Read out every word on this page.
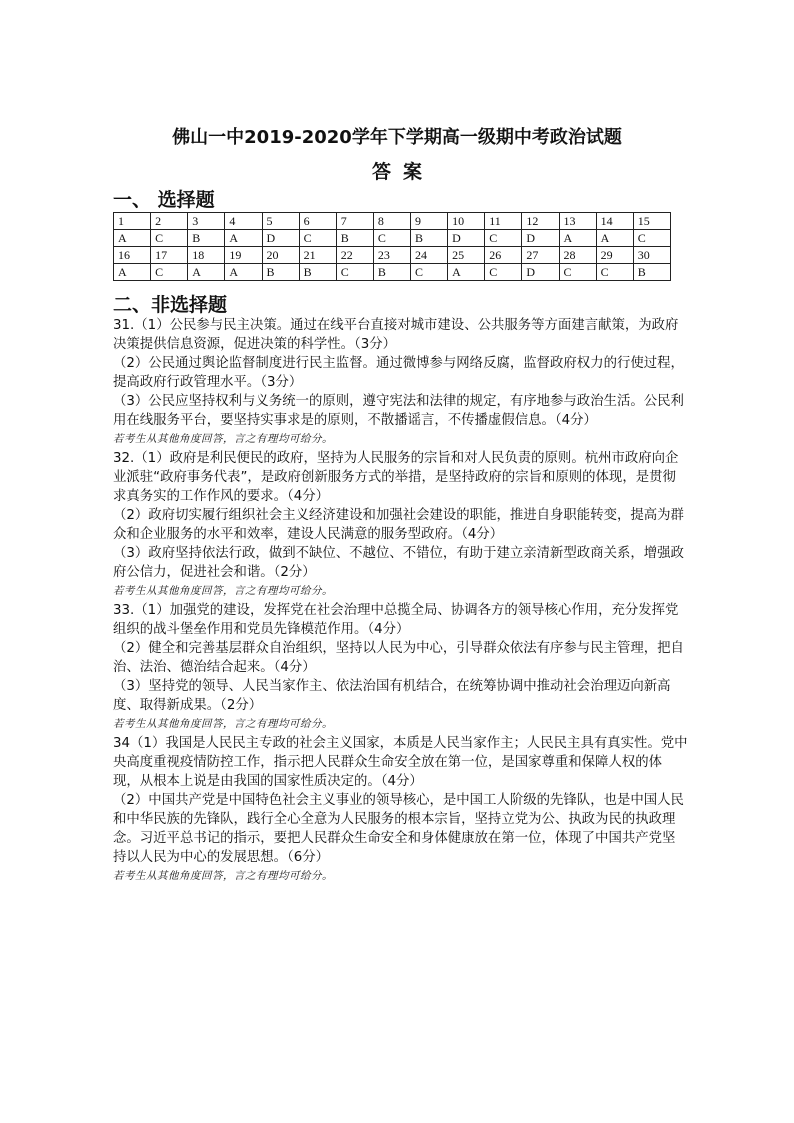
佛山一中2019-2020学年下学期高一级期中考政治试题
答案
一、 选择题
1	2	3	4	5	6	7	8	9	10	11	12	13	14	15
A	C	B	A	D	C	B	C	B	D	C	D	A	A	C
16	17	18	19	20	21	22	23	24	25	26	27	28	29	30
A	C	A	A	B	B	C	B	C	A	C	D	C	C	B
二、非选择题

31.（1）公民参与民主决策。通过在线平台直接对城市建设、公共服务等方面建言献策，为政府决策提供信息资源，促进决策的科学性。（3分）

（2）公民通过舆论监督制度进行民主监督。通过微博参与网络反腐，监督政府权力的行使过程，提高政府行政管理水平。（3分）

（3）公民应坚持权利与义务统一的原则，遵守宪法和法律的规定，有序地参与政治生活。公民利用在线服务平台，要坚持实事求是的原则，不散播谣言，不传播虚假信息。（4分）

若考生从其他角度回答，言之有理均可给分。

32.（1）政府是利民便民的政府，坚持为人民服务的宗旨和对人民负责的原则。杭州市政府向企业派驻“政府事务代表”，是政府创新服务方式的举措，是坚持政府的宗旨和原则的体现，是贯彻求真务实的工作作风的要求。（4分）

（2）政府切实履行组织社会主义经济建设和加强社会建设的职能，推进自身职能转变，提高为群众和企业服务的水平和效率，建设人民满意的服务型政府。（4分）

（3）政府坚持依法行政，做到不缺位、不越位、不错位，有助于建立亲清新型政商关系，增强政府公信力，促进社会和谐。（2分）

若考生从其他角度回答，言之有理均可给分。

33.（1）加强党的建设，发挥党在社会治理中总揽全局、协调各方的领导核心作用，充分发挥党组织的战斗堡垒作用和党员先锋模范作用。（4分）

（2）健全和完善基层群众自治组织，坚持以人民为中心，引导群众依法有序参与民主管理，把自治、法治、德治结合起来。（4分）

（3）坚持党的领导、人民当家作主、依法治国有机结合，在统筹协调中推动社会治理迈向新高度、取得新成果。（2分）

若考生从其他角度回答，言之有理均可给分。

34（1）我国是人民民主专政的社会主义国家，本质是人民当家作主；人民民主具有真实性。党中央高度重视疫情防控工作，指示把人民群众生命安全放在第一位，是国家尊重和保障人权的体现，从根本上说是由我国的国家性质决定的。（4分）

（2）中国共产党是中国特色社会主义事业的领导核心，是中国工人阶级的先锋队，也是中国人民和中华民族的先锋队，践行全心全意为人民服务的根本宗旨，坚持立党为公、执政为民的执政理念。习近平总书记的指示，要把人民群众生命安全和身体健康放在第一位，体现了中国共产党坚持以人民为中心的发展思想。（6分）

若考生从其他角度回答，言之有理均可给分。
